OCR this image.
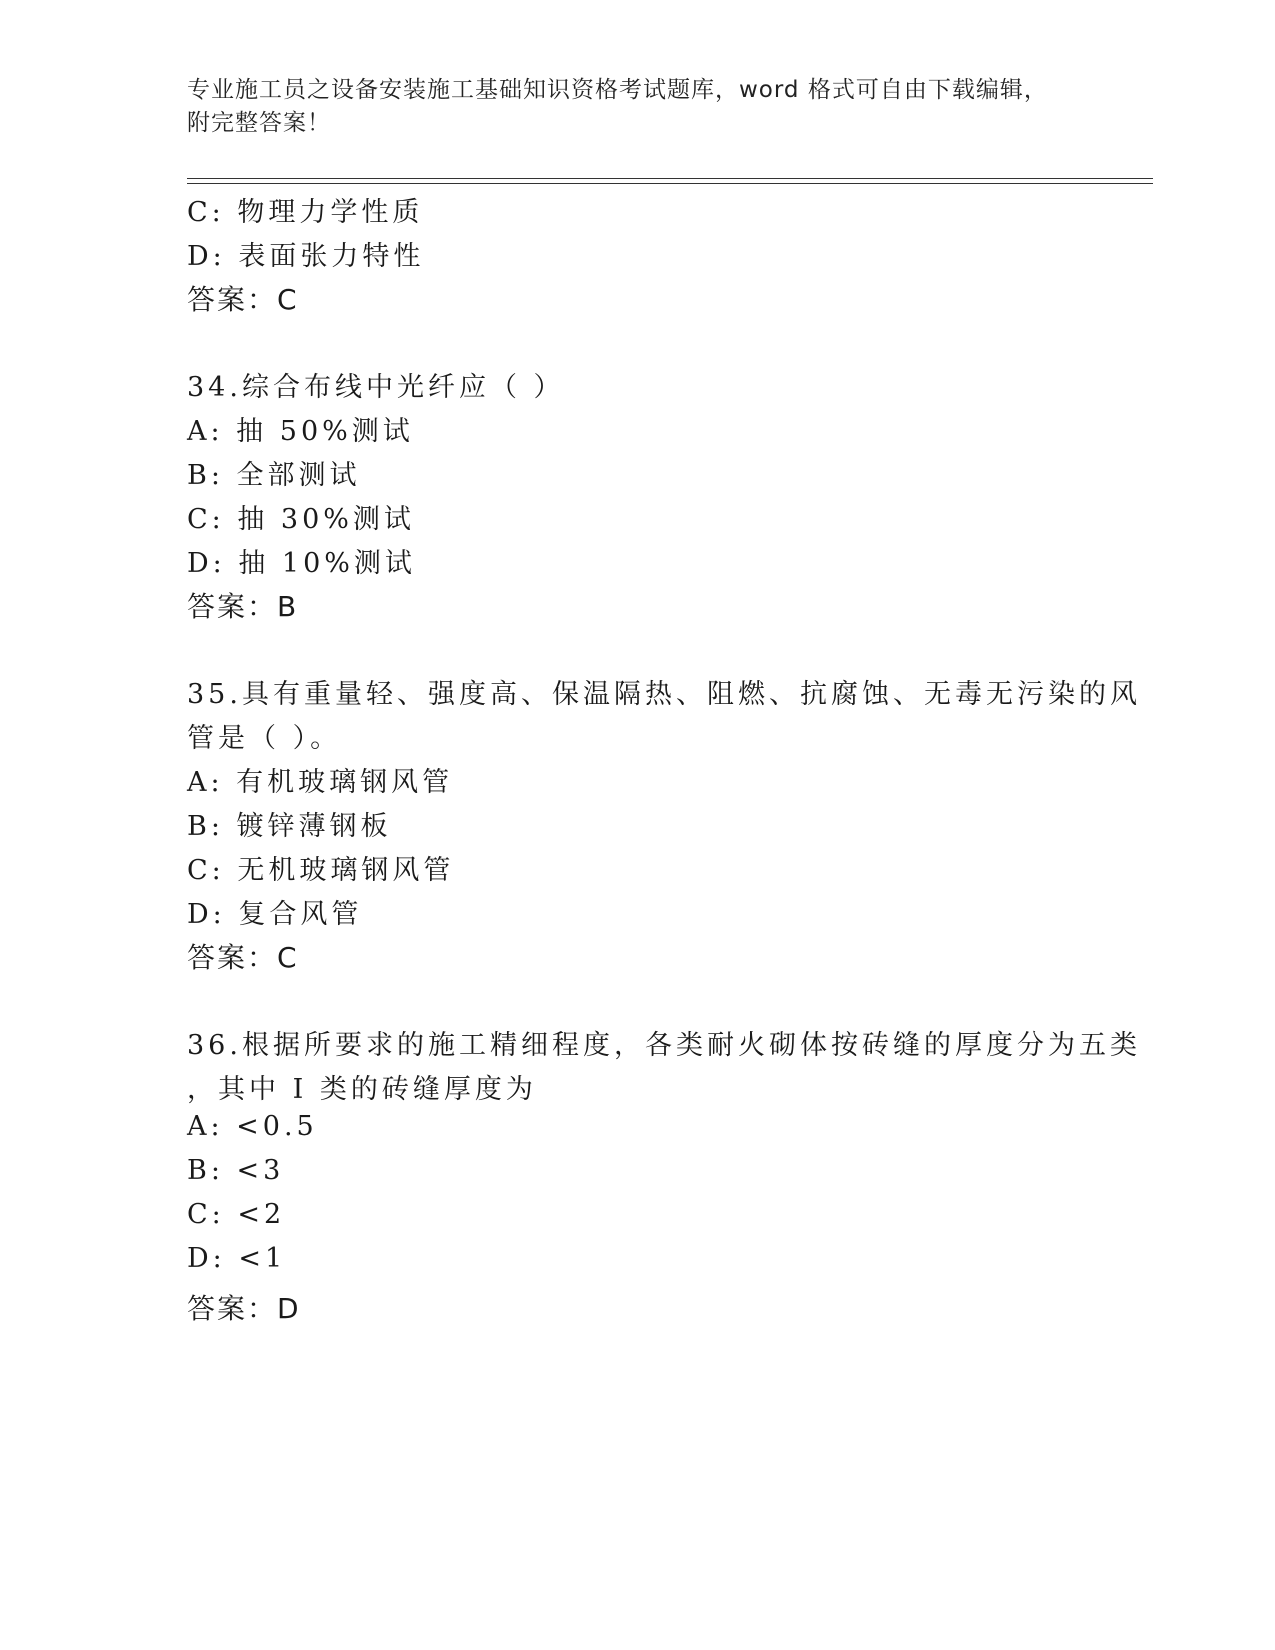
专业施工员之设备安装施工基础知识资格考试题库，word 格式可自由下载编辑，
附完整答案！
C: 物理力学性质
D: 表面张力特性
答案：C
34.综合布线中光纤应（ ）
A: 抽 50%测试
B: 全部测试
C: 抽 30%测试
D: 抽 10%测试
答案：B
35.具有重量轻、强度高、保温隔热、阻燃、抗腐蚀、无毒无污染的风
管是（ ）。
A: 有机玻璃钢风管
B: 镀锌薄钢板
C: 无机玻璃钢风管
D: 复合风管
答案：C
36.根据所要求的施工精细程度，各类耐火砌体按砖缝的厚度分为五类
，其中 I 类的砖缝厚度为
A: <0.5
B: <3
C: <2
D: <1
答案：D
